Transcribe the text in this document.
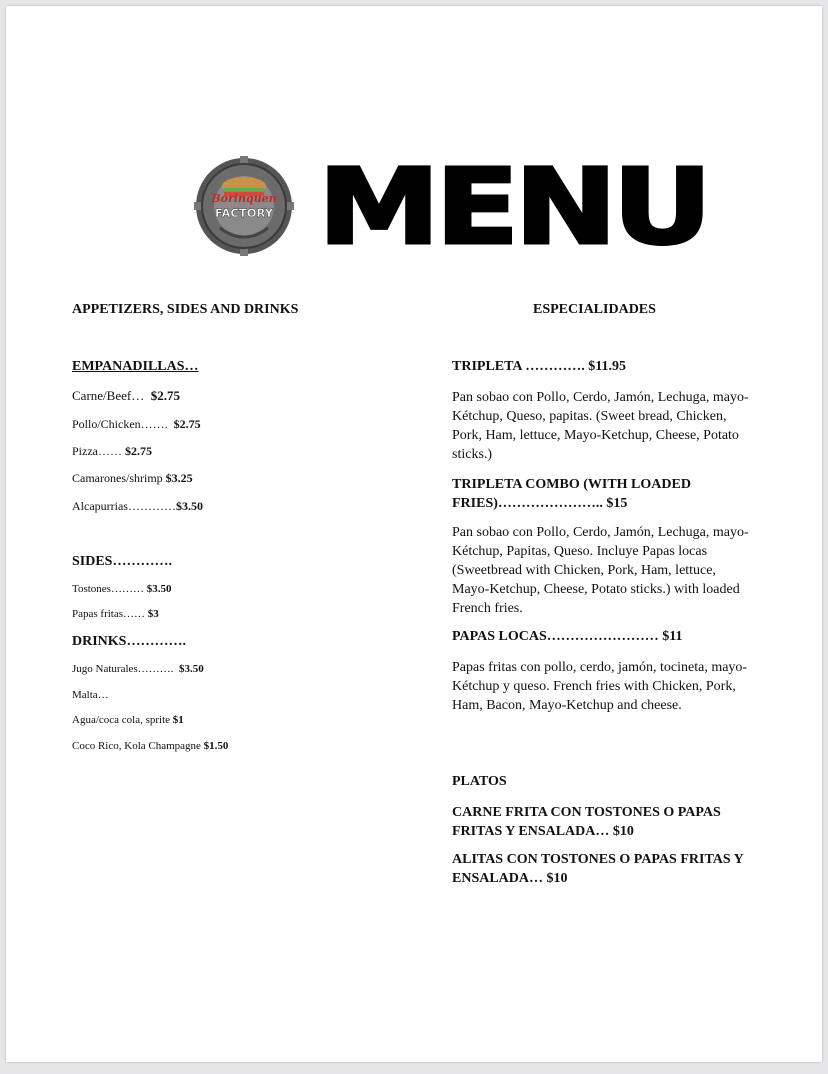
Borinquen
FACTORY MENU
APPETIZERS, SIDES AND DRINKS
EMPANADILLAS…
Carne/Beef… $2.75
Pollo/Chicken……. $2.75
Pizza…… $2.75
Camarones/shrimp $3.25
Alcapurrias…………$3.50
SIDES………….
Tostones……… $3.50
Papas fritas…… $3
DRINKS………….
Jugo Naturales………. $3.50
Malta…
Agua/coca cola, sprite $1
Coco Rico, Kola Champagne $1.50
ESPECIALIDADES
TRIPLETA …………. $11.95
Pan sobao con Pollo, Cerdo, Jamón, Lechuga, mayo-Kétchup, Queso, papitas. (Sweet bread, Chicken, Pork, Ham, lettuce, Mayo-Ketchup, Cheese, Potato sticks.)
TRIPLETA COMBO (WITH LOADED FRIES)………………….. $15
Pan sobao con Pollo, Cerdo, Jamón, Lechuga, mayo-Kétchup, Papitas, Queso. Incluye Papas locas (Sweetbread with Chicken, Pork, Ham, lettuce, Mayo-Ketchup, Cheese, Potato sticks.) with loaded French fries.
PAPAS LOCAS…………………… $11
Papas fritas con pollo, cerdo, jamón, tocineta, mayo-Kétchup y queso. French fries with Chicken, Pork, Ham, Bacon, Mayo-Ketchup and cheese.
PLATOS
CARNE FRITA CON TOSTONES O PAPAS FRITAS Y ENSALADA… $10
ALITAS CON TOSTONES O PAPAS FRITAS Y ENSALADA… $10
